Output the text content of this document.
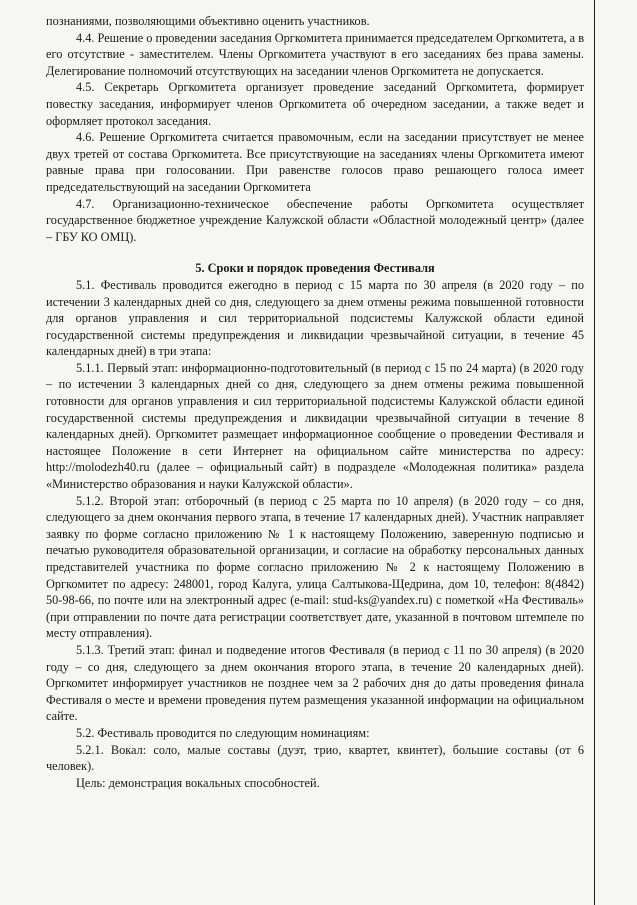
познаниями, позволяющими объективно оценить участников.

4.4. Решение о проведении заседания Оргкомитета принимается председателем Оргкомитета, а в его отсутствие - заместителем. Члены Оргкомитета участвуют в его заседаниях без права замены. Делегирование полномочий отсутствующих на заседании членов Оргкомитета не допускается.

4.5. Секретарь Оргкомитета организует проведение заседаний Оргкомитета, формирует повестку заседания, информирует членов Оргкомитета об очередном заседании, а также ведет и оформляет протокол заседания.

4.6. Решение Оргкомитета считается правомочным, если на заседании присутствует не менее двух третей от состава Оргкомитета. Все присутствующие на заседаниях члены Оргкомитета имеют равные права при голосовании. При равенстве голосов право решающего голоса имеет председательствующий на заседании Оргкомитета

4.7. Организационно-техническое обеспечение работы Оргкомитета осуществляет государственное бюджетное учреждение Калужской области «Областной молодежный центр» (далее – ГБУ КО ОМЦ).

5. Сроки и порядок проведения Фестиваля

5.1. Фестиваль проводится ежегодно в период с 15 марта по 30 апреля (в 2020 году – по истечении 3 календарных дней со дня, следующего за днем отмены режима повышенной готовности для органов управления и сил территориальной подсистемы Калужской области единой государственной системы предупреждения и ликвидации чрезвычайной ситуации, в течение 45 календарных дней) в три этапа:

5.1.1. Первый этап: информационно-подготовительный (в период с 15 по 24 марта) (в 2020 году – по истечении 3 календарных дней со дня, следующего за днем отмены режима повышенной готовности для органов управления и сил территориальной подсистемы Калужской области единой государственной системы предупреждения и ликвидации чрезвычайной ситуации в течение 8 календарных дней). Оргкомитет размещает информационное сообщение о проведении Фестиваля и настоящее Положение в сети Интернет на официальном сайте министерства по адресу: http://molodezh40.ru (далее – официальный сайт) в подразделе «Молодежная политика» раздела «Министерство образования и науки Калужской области».

5.1.2. Второй этап: отборочный (в период с 25 марта по 10 апреля) (в 2020 году – со дня, следующего за днем окончания первого этапа, в течение 17 календарных дней). Участник направляет заявку по форме согласно приложению № 1 к настоящему Положению, заверенную подписью и печатью руководителя образовательной организации, и согласие на обработку персональных данных представителей участника по форме согласно приложению № 2 к настоящему Положению в Оргкомитет по адресу: 248001, город Калуга, улица Салтыкова-Щедрина, дом 10, телефон: 8(4842) 50-98-66, по почте или на электронный адрес (e-mail: stud-ks@yandex.ru) с пометкой «На Фестиваль» (при отправлении по почте дата регистрации соответствует дате, указанной в почтовом штемпеле по месту отправления).

5.1.3. Третий этап: финал и подведение итогов Фестиваля (в период с 11 по 30 апреля) (в 2020 году – со дня, следующего за днем окончания второго этапа, в течение 20 календарных дней). Оргкомитет информирует участников не позднее чем за 2 рабочих дня до даты проведения финала Фестиваля о месте и времени проведения путем размещения указанной информации на официальном сайте.

5.2. Фестиваль проводится по следующим номинациям:

5.2.1. Вокал: соло, малые составы (дуэт, трио, квартет, квинтет), большие составы (от 6 человек).

Цель: демонстрация вокальных способностей.
